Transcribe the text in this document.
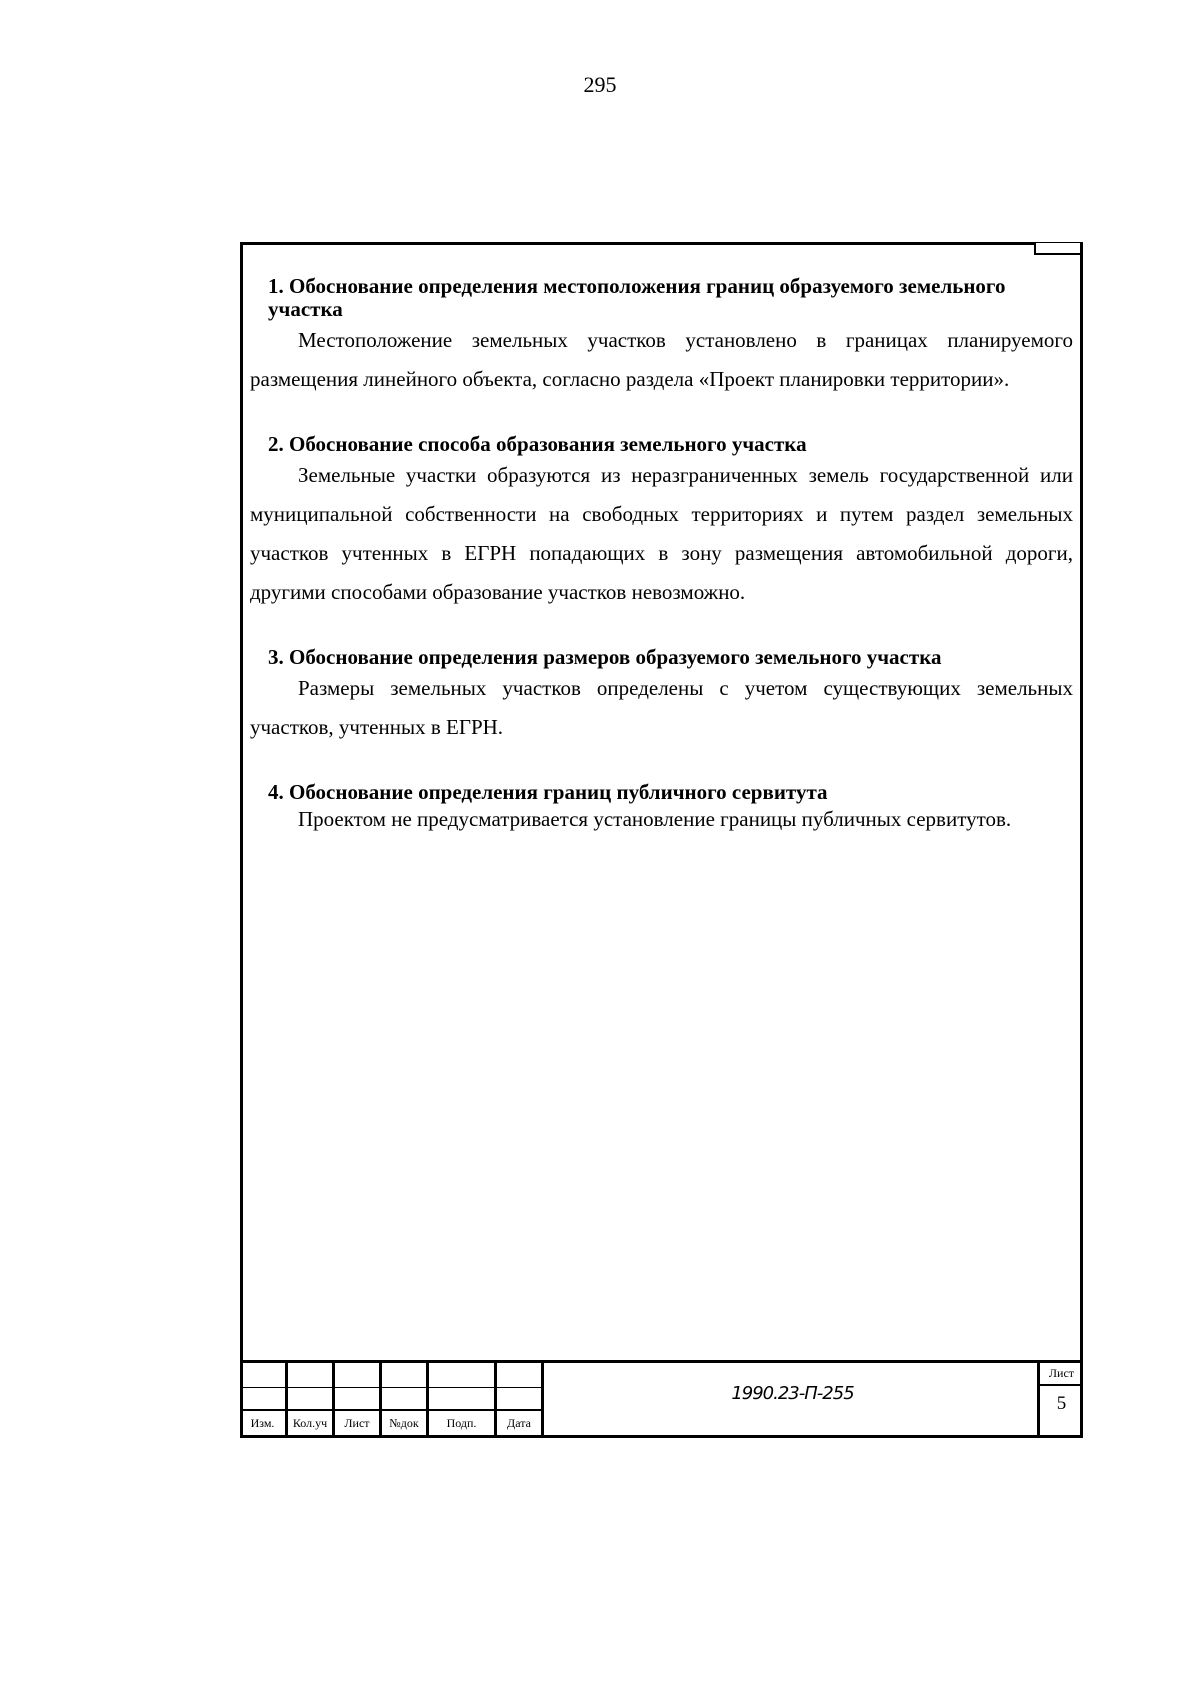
295

1. Обоснование определения местоположения границ образуемого земельного участка

Местоположение земельных участков установлено в границах планируемого размещения линейного объекта, согласно раздела «Проект планировки территории».

2. Обоснование способа образования земельного участка

Земельные участки образуются из неразграниченных земель государственной или муниципальной собственности на свободных территориях и путем раздел земельных участков учтенных в ЕГРН попадающих в зону размещения автомобильной дороги, другими способами образование участков невозможно.

3. Обоснование определения размеров образуемого земельного участка

Размеры земельных участков определены с учетом существующих земельных участков, учтенных в ЕГРН.

4. Обоснование определения границ публичного сервитута

Проектом не предусматривается установление границы публичных сервитутов.

Изм.	Кол.уч	Лист	№док	Подп.	Дата
1990.23-П-255
Лист
5
